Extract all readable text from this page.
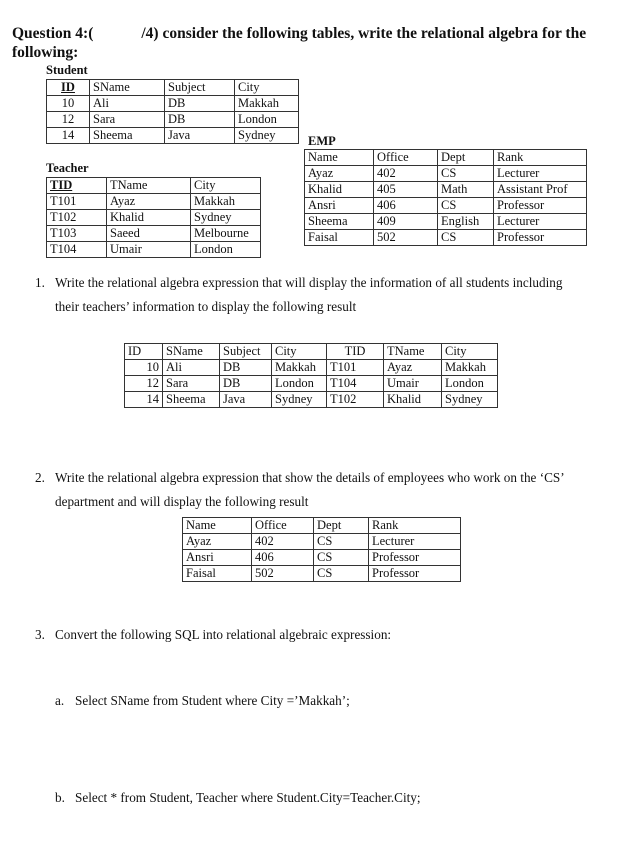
Question 4:(	/4) consider the following tables, write the relational algebra for the
following:
Student
ID	SName	Subject	City
10	Ali	DB	Makkah
12	Sara	DB	London
14	Sheema	Java	Sydney
Teacher
TID	TName	City
T101	Ayaz	Makkah
T102	Khalid	Sydney
T103	Saeed	Melbourne
T104	Umair	London
EMP
Name	Office	Dept	Rank
Ayaz	402	CS	Lecturer
Khalid	405	Math	Assistant Prof
Ansri	406	CS	Professor
Sheema	409	English	Lecturer
Faisal	502	CS	Professor
1. Write the relational algebra expression that will display the information of all students including
their teachers’ information to display the following result
ID	SName	Subject	City	TID	TName	City
10	Ali	DB	Makkah	T101	Ayaz	Makkah
12	Sara	DB	London	T104	Umair	London
14	Sheema	Java	Sydney	T102	Khalid	Sydney
2. Write the relational algebra expression that show the details of employees who work on the ‘CS’
department and will display the following result
Name	Office	Dept	Rank
Ayaz	402	CS	Lecturer
Ansri	406	CS	Professor
Faisal	502	CS	Professor
3. Convert the following SQL into relational algebraic expression:
a. Select SName from Student where City =’Makkah’;
b. Select * from Student, Teacher where Student.City=Teacher.City;
